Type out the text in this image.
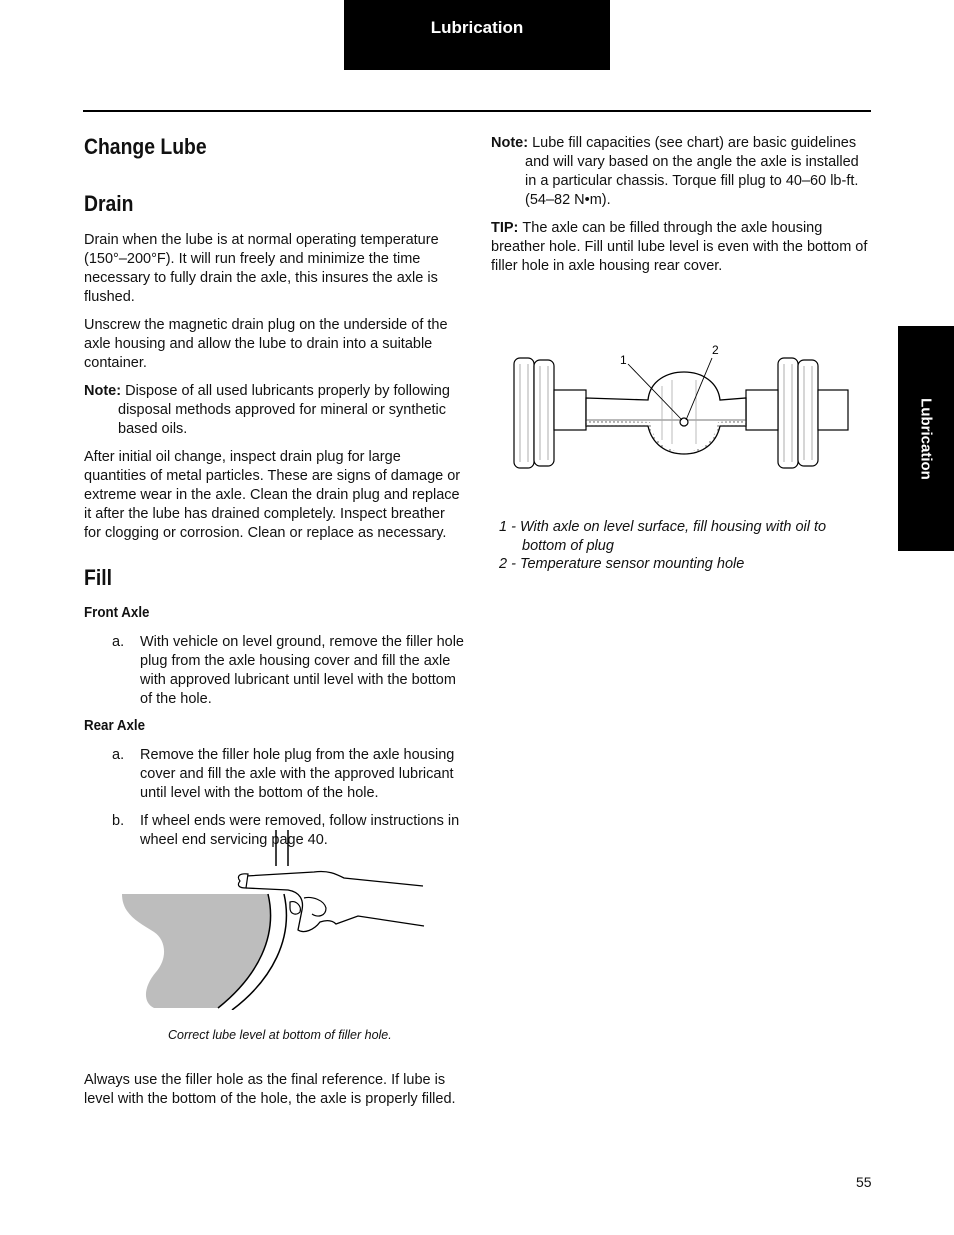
Lubrication
Lubrication
Change Lube
Drain

Drain when the lube is at normal operating temperature (150°–200°F). It will run freely and minimize the time necessary to fully drain the axle, this insures the axle is flushed.

Unscrew the magnetic drain plug on the underside of the axle housing and allow the lube to drain into a suitable container.

Note: Dispose of all used lubricants properly by following disposal methods approved for mineral or synthetic based oils.

After initial oil change, inspect drain plug for large quantities of metal particles. These are signs of damage or extreme wear in the axle. Clean the drain plug and replace it after the lube has drained completely. Inspect breather for clogging or corrosion. Clean or replace as necessary.

Fill
Front Axle
a.	With vehicle on level ground, remove the filler hole plug from the axle housing cover and fill the axle with approved lubricant until level with the bottom of the hole.
Rear Axle
a.	Remove the filler hole plug from the axle housing cover and fill the axle with the approved lubricant until level with the bottom of the hole.
b.	If wheel ends were removed, follow instructions in wheel end servicing page 40.

Correct lube level at bottom of filler hole.

Always use the filler hole as the final reference. If lube is level with the bottom of the hole, the axle is properly filled.

Note: Lube fill capacities (see chart) are basic guidelines and will vary based on the angle the axle is installed in a particular chassis. Torque fill plug to 40–60 lb-ft. (54–82 N•m).

TIP: The axle can be filled through the axle housing breather hole. Fill until lube level is even with the bottom of filler hole in axle housing rear cover.

1
2

1 - With axle on level surface, fill housing with oil to bottom of plug

2 - Temperature sensor mounting hole

55
